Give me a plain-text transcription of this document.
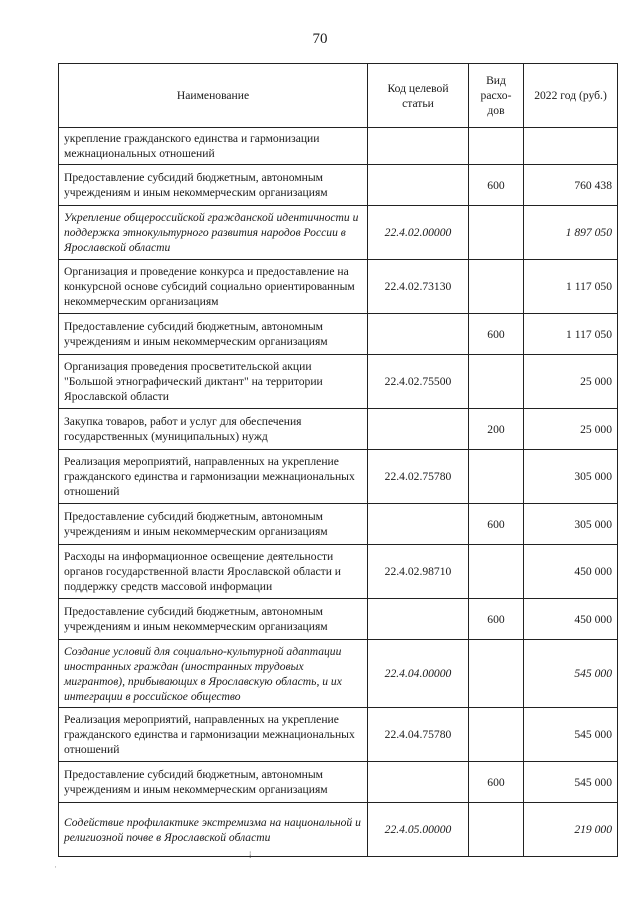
70
Наименование	Код целевой статьи	Вид расхо-дов	2022 год (руб.)
укрепление гражданского единства и гармонизации межнациональных отношений			
Предоставление субсидий бюджетным, автономным учреждениям и иным некоммерческим организациям		600	760 438
Укрепление общероссийской гражданской идентичности и поддержка этнокультурного развития народов России в Ярославской области	22.4.02.00000		1 897 050
Организация и проведение конкурса и предоставление на конкурсной основе субсидий социально ориентированным некоммерческим организациям	22.4.02.73130		1 117 050
Предоставление субсидий бюджетным, автономным учреждениям и иным некоммерческим организациям		600	1 117 050
Организация проведения просветительской акции "Большой этнографический диктант" на территории Ярославской области	22.4.02.75500		25 000
Закупка товаров, работ и услуг для обеспечения государственных (муниципальных) нужд		200	25 000
Реализация мероприятий, направленных на укрепление гражданского единства и гармонизации межнациональных отношений	22.4.02.75780		305 000
Предоставление субсидий бюджетным, автономным учреждениям и иным некоммерческим организациям		600	305 000
Расходы на информационное освещение деятельности органов государственной власти Ярославской области и поддержку средств массовой информации	22.4.02.98710		450 000
Предоставление субсидий бюджетным, автономным учреждениям и иным некоммерческим организациям		600	450 000
Создание условий для социально-культурной адаптации иностранных граждан (иностранных трудовых мигрантов), прибывающих в Ярославскую область, и их интеграции в российское общество	22.4.04.00000		545 000
Реализация мероприятий, направленных на укрепление гражданского единства и гармонизации межнациональных отношений	22.4.04.75780		545 000
Предоставление субсидий бюджетным, автономным учреждениям и иным некоммерческим организациям		600	545 000
Содействие профилактике экстремизма на национальной и религиозной почве в Ярославской области	22.4.05.00000		219 000
⁞
·
